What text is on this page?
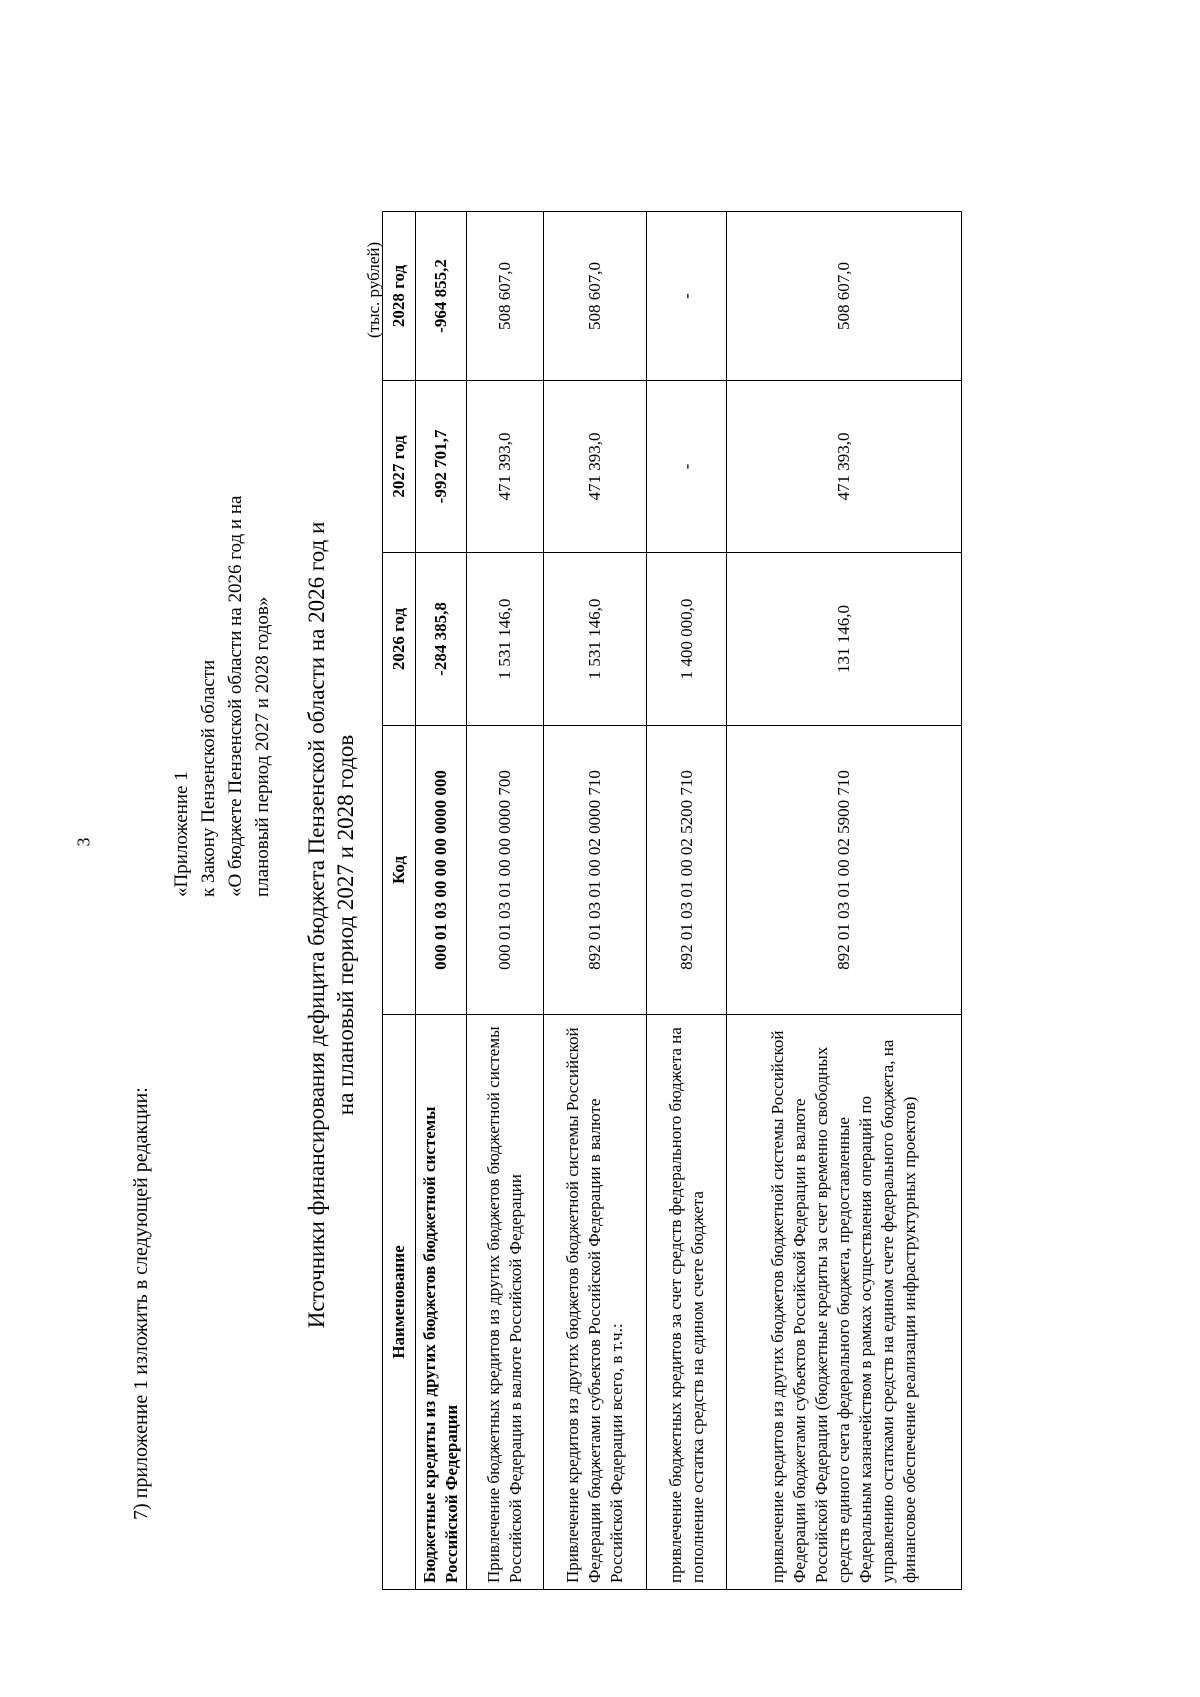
3
7) приложение 1 изложить в следующей редакции:
«Приложение 1 к Закону Пензенской области «О бюджете Пензенской области на 2026 год и на плановый период 2027 и 2028 годов» Источники финансирования дефицита бюджета Пензенской области на 2026 год и на плановый период 2027 и 2028 годов
(тыс. рублей)
Наименование	Код	2026 год	2027 год	2028 год
Бюджетные кредиты из других бюджетов бюджетной системы Российской Федерации	000 01 03 00 00 00 0000 000	-284 385,8	-992 701,7	-964 855,2
Привлечение бюджетных кредитов из других бюджетов бюджетной системы Российской Федерации в валюте Российской Федерации	000 01 03 01 00 00 0000 700	1 531 146,0	471 393,0	508 607,0
Привлечение кредитов из других бюджетов бюджетной системы Российской Федерации бюджетами субъектов Российской Федерации в валюте Российской Федерации всего, в т.ч.:	892 01 03 01 00 02 0000 710	1 531 146,0	471 393,0	508 607,0
привлечение бюджетных кредитов за счет средств федерального бюджета на пополнение остатка средств на едином счете бюджета	892 01 03 01 00 02 5200 710	1 400 000,0	-	-
привлечение кредитов из других бюджетов бюджетной системы Российской Федерации бюджетами субъектов Российской Федерации в валюте Российской Федерации (бюджетные кредиты за счет временно свободных средств единого счета федерального бюджета, предоставленные Федеральным казначейством в рамках осуществления операций по управлению остатками средств на едином счете федерального бюджета, на финансовое обеспечение реализации инфраструктурных проектов)	892 01 03 01 00 02 5900 710	131 146,0	471 393,0	508 607,0
